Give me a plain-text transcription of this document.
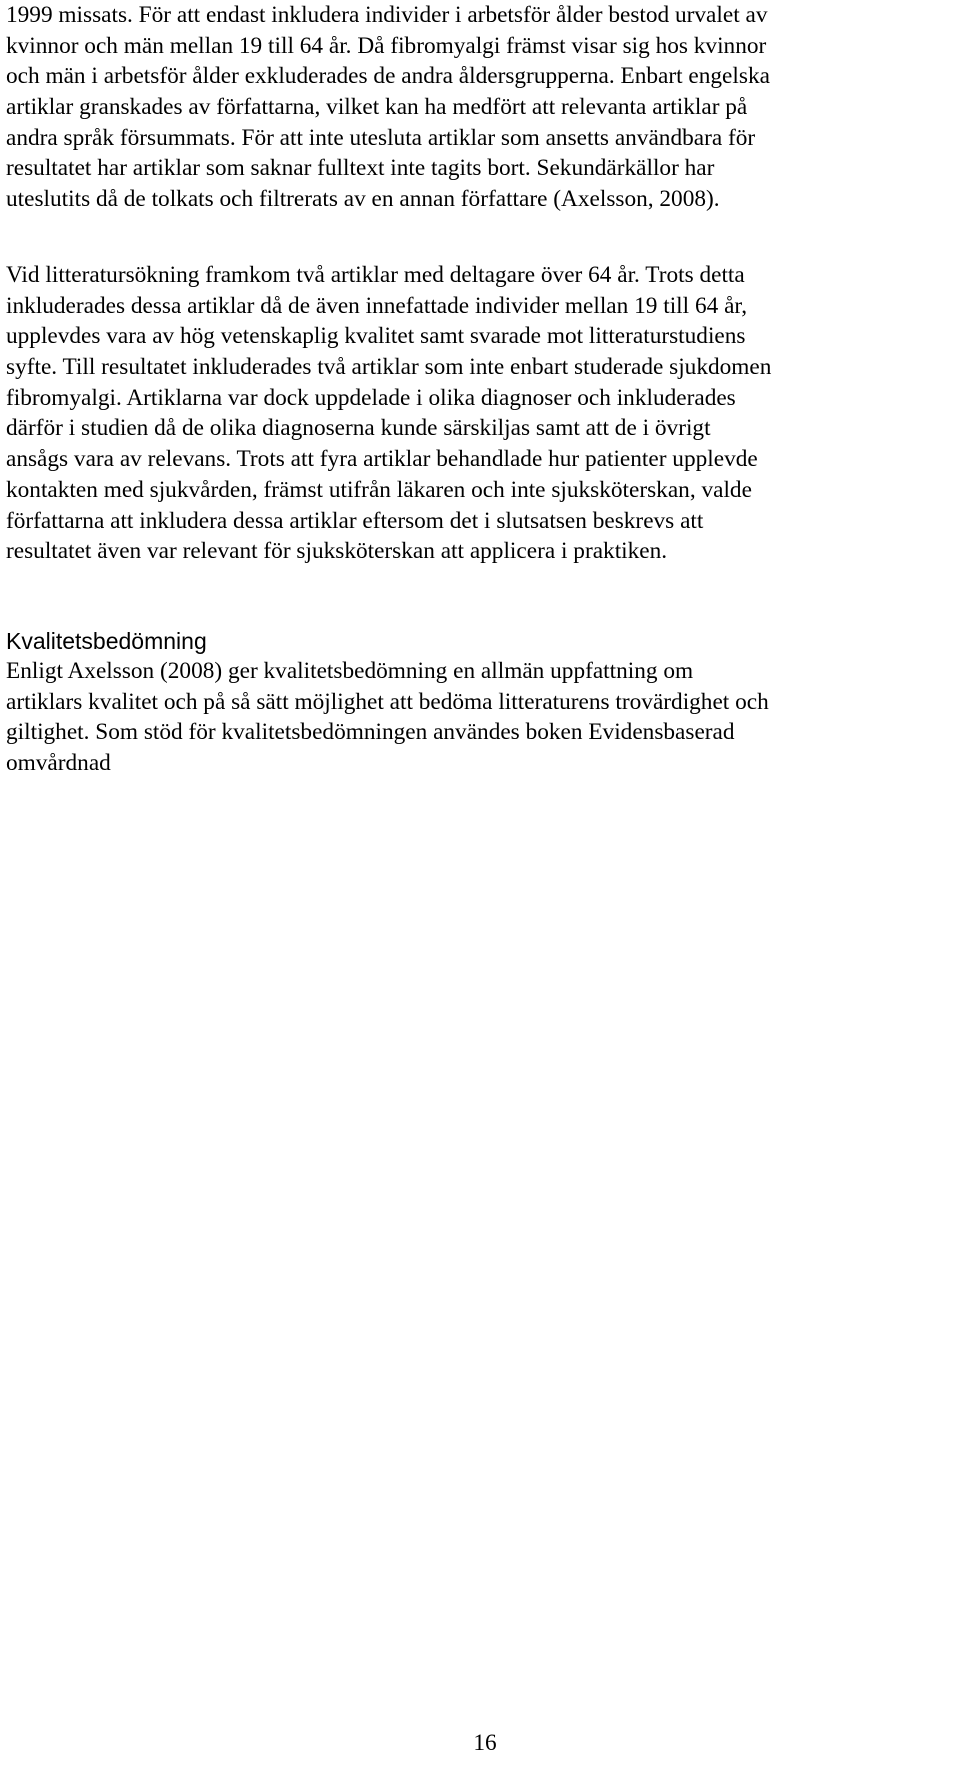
1999 missats. För att endast inkludera individer i arbetsför ålder bestod urvalet av
kvinnor och män mellan 19 till 64 år. Då fibromyalgi främst visar sig hos kvinnor
och män i arbetsför ålder exkluderades de andra åldersgrupperna. Enbart engelska
artiklar granskades av författarna, vilket kan ha medfört att relevanta artiklar på
andra språk försummats. För att inte utesluta artiklar som ansetts användbara för
resultatet har artiklar som saknar fulltext inte tagits bort. Sekundärkällor har
uteslutits då de tolkats och filtrerats av en annan författare (Axelsson, 2008).

Vid litteratursökning framkom två artiklar med deltagare över 64 år. Trots detta
inkluderades dessa artiklar då de även innefattade individer mellan 19 till 64 år,
upplevdes vara av hög vetenskaplig kvalitet samt svarade mot litteraturstudiens
syfte. Till resultatet inkluderades två artiklar som inte enbart studerade sjukdomen
fibromyalgi. Artiklarna var dock uppdelade i olika diagnoser och inkluderades
därför i studien då de olika diagnoserna kunde särskiljas samt att de i övrigt
ansågs vara av relevans. Trots att fyra artiklar behandlade hur patienter upplevde
kontakten med sjukvården, främst utifrån läkaren och inte sjuksköterskan, valde
författarna att inkludera dessa artiklar eftersom det i slutsatsen beskrevs att
resultatet även var relevant för sjuksköterskan att applicera i praktiken.

Kvalitetsbedömning

Enligt Axelsson (2008) ger kvalitetsbedömning en allmän uppfattning om
artiklars kvalitet och på så sätt möjlighet att bedöma litteraturens trovärdighet och
giltighet. Som stöd för kvalitetsbedömningen användes boken Evidensbaserad
omvårdnad

16
